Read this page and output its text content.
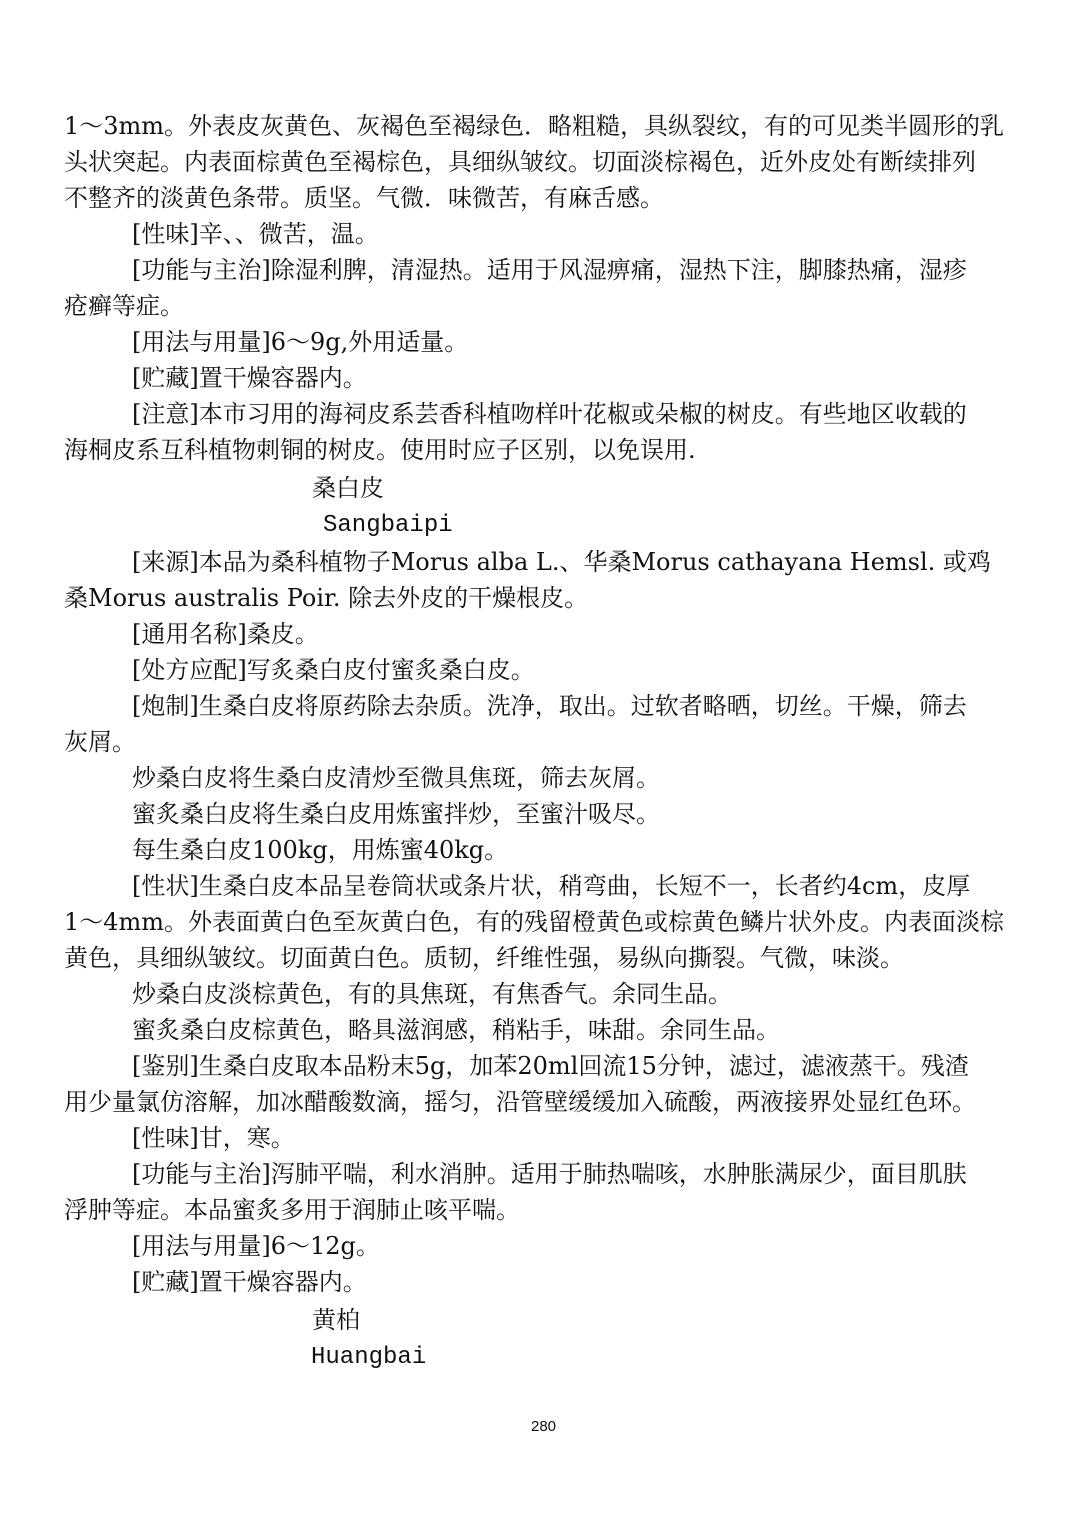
1～3mm。外表皮灰黄色、灰褐色至褐绿色．略粗糙，具纵裂纹，有的可见类半圆形的乳
头状突起。内表面棕黄色至褐棕色，具细纵皱纹。切面淡棕褐色，近外皮处有断续排列
不整齐的淡黄色条带。质坚。气微．味微苦，有麻舌感。
[性味]辛、、微苦，温。
[功能与主治]除湿利脾，清湿热。适用于风湿痹痛，湿热下注，脚膝热痛，湿疹
疮癣等症。
[用法与用量]6～9g,外用适量。
[贮藏]置干燥容器内。
[注意]本市习用的海祠皮系芸香科植吻样叶花椒或朵椒的树皮。有些地区收载的
海桐皮系互科植物刺铜的树皮。使用时应子区别，以免误用.
桑白皮
Sangbaipi
[来源]本品为桑科植物子Morus alba L.、华桑Morus cathayana Hemsl. 或鸡
桑Morus australis Poir. 除去外皮的干燥根皮。
[通用名称]桑皮。
[处方应配]写炙桑白皮付蜜炙桑白皮。
[炮制]生桑白皮将原药除去杂质。洗净，取出。过软者略晒，切丝。干燥，筛去
灰屑。
炒桑白皮将生桑白皮清炒至微具焦斑，筛去灰屑。
蜜炙桑白皮将生桑白皮用炼蜜拌炒，至蜜汁吸尽。
每生桑白皮100kg，用炼蜜40kg。
[性状]生桑白皮本品呈卷筒状或条片状，稍弯曲，长短不一，长者约4cm，皮厚
1～4mm。外表面黄白色至灰黄白色，有的残留橙黄色或棕黄色鳞片状外皮。内表面淡棕
黄色，具细纵皱纹。切面黄白色。质韧，纤维性强，易纵向撕裂。气微，味淡。
炒桑白皮淡棕黄色，有的具焦斑，有焦香气。余同生品。
蜜炙桑白皮棕黄色，略具滋润感，稍粘手，味甜。余同生品。
[鉴别]生桑白皮取本品粉末5g，加苯20ml回流15分钟，滤过，滤液蒸干。残渣
用少量氯仿溶解，加冰醋酸数滴，摇匀，沿管壁缓缓加入硫酸，两液接界处显红色环。
[性味]甘，寒。
[功能与主治]泻肺平喘，利水消肿。适用于肺热喘咳，水肿胀满尿少，面目肌肤
浮肿等症。本品蜜炙多用于润肺止咳平喘。
[用法与用量]6～12g。
[贮藏]置干燥容器内。
黄柏
Huangbai
280
